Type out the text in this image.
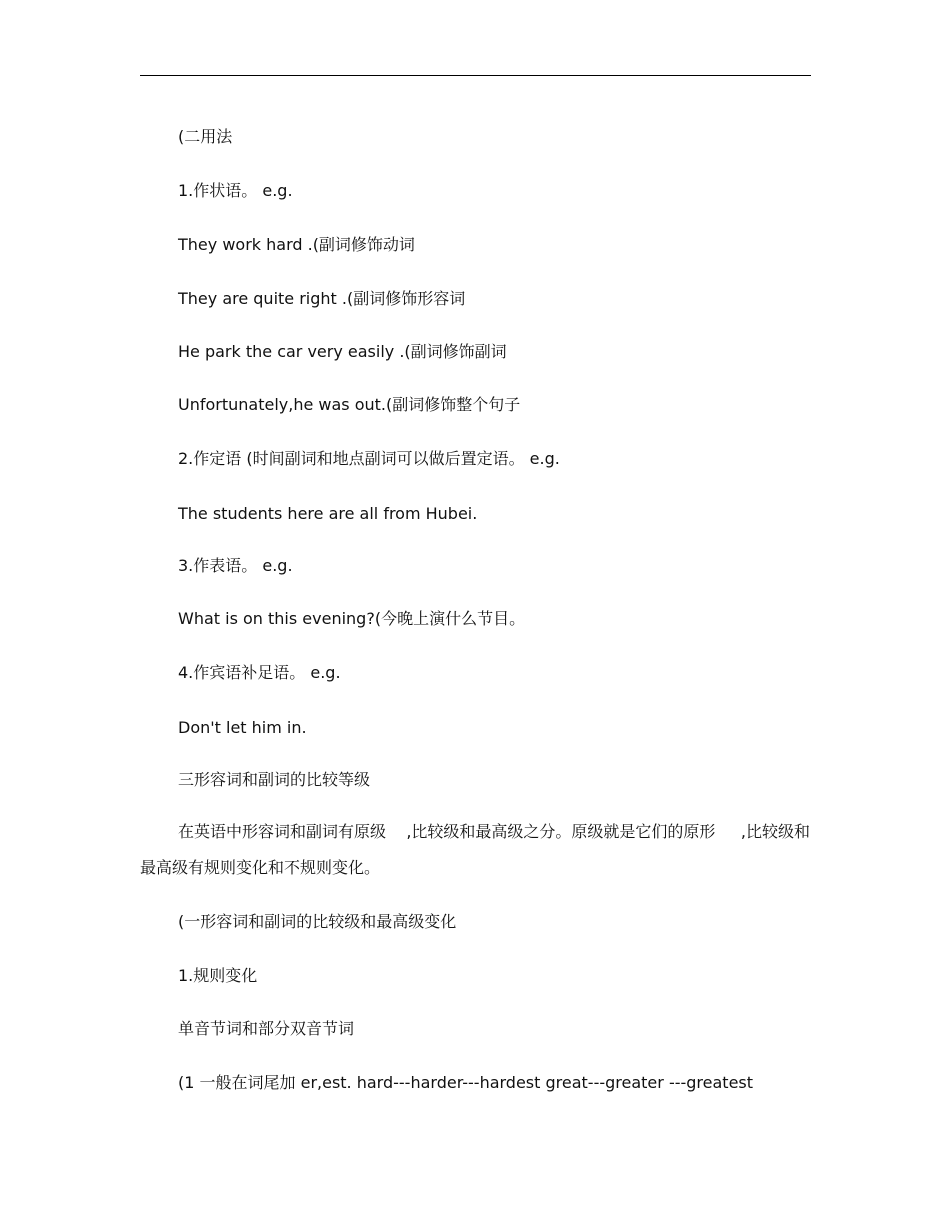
(二用法
1.作状语。 e.g.
They work hard .(副词修饰动词
They are quite right .(副词修饰形容词
He park the car very easily .(副词修饰副词
Unfortunately,he was out.(副词修饰整个句子
2.作定语 (时间副词和地点副词可以做后置定语。 e.g.
The students here are all from Hubei.
3.作表语。 e.g.
What is on this evening?(今晚上演什么节目。
4.作宾语补足语。 e.g.
Don't let him in.
三形容词和副词的比较等级
在英语中形容词和副词有原级    ,比较级和最高级之分。原级就是它们的原形     ,比较级和最高级有规则变化和不规则变化。
(一形容词和副词的比较级和最高级变化
1.规则变化
单音节词和部分双音节词
(1 一般在词尾加 er,est. hard---harder---hardest great---greater ---greatest
